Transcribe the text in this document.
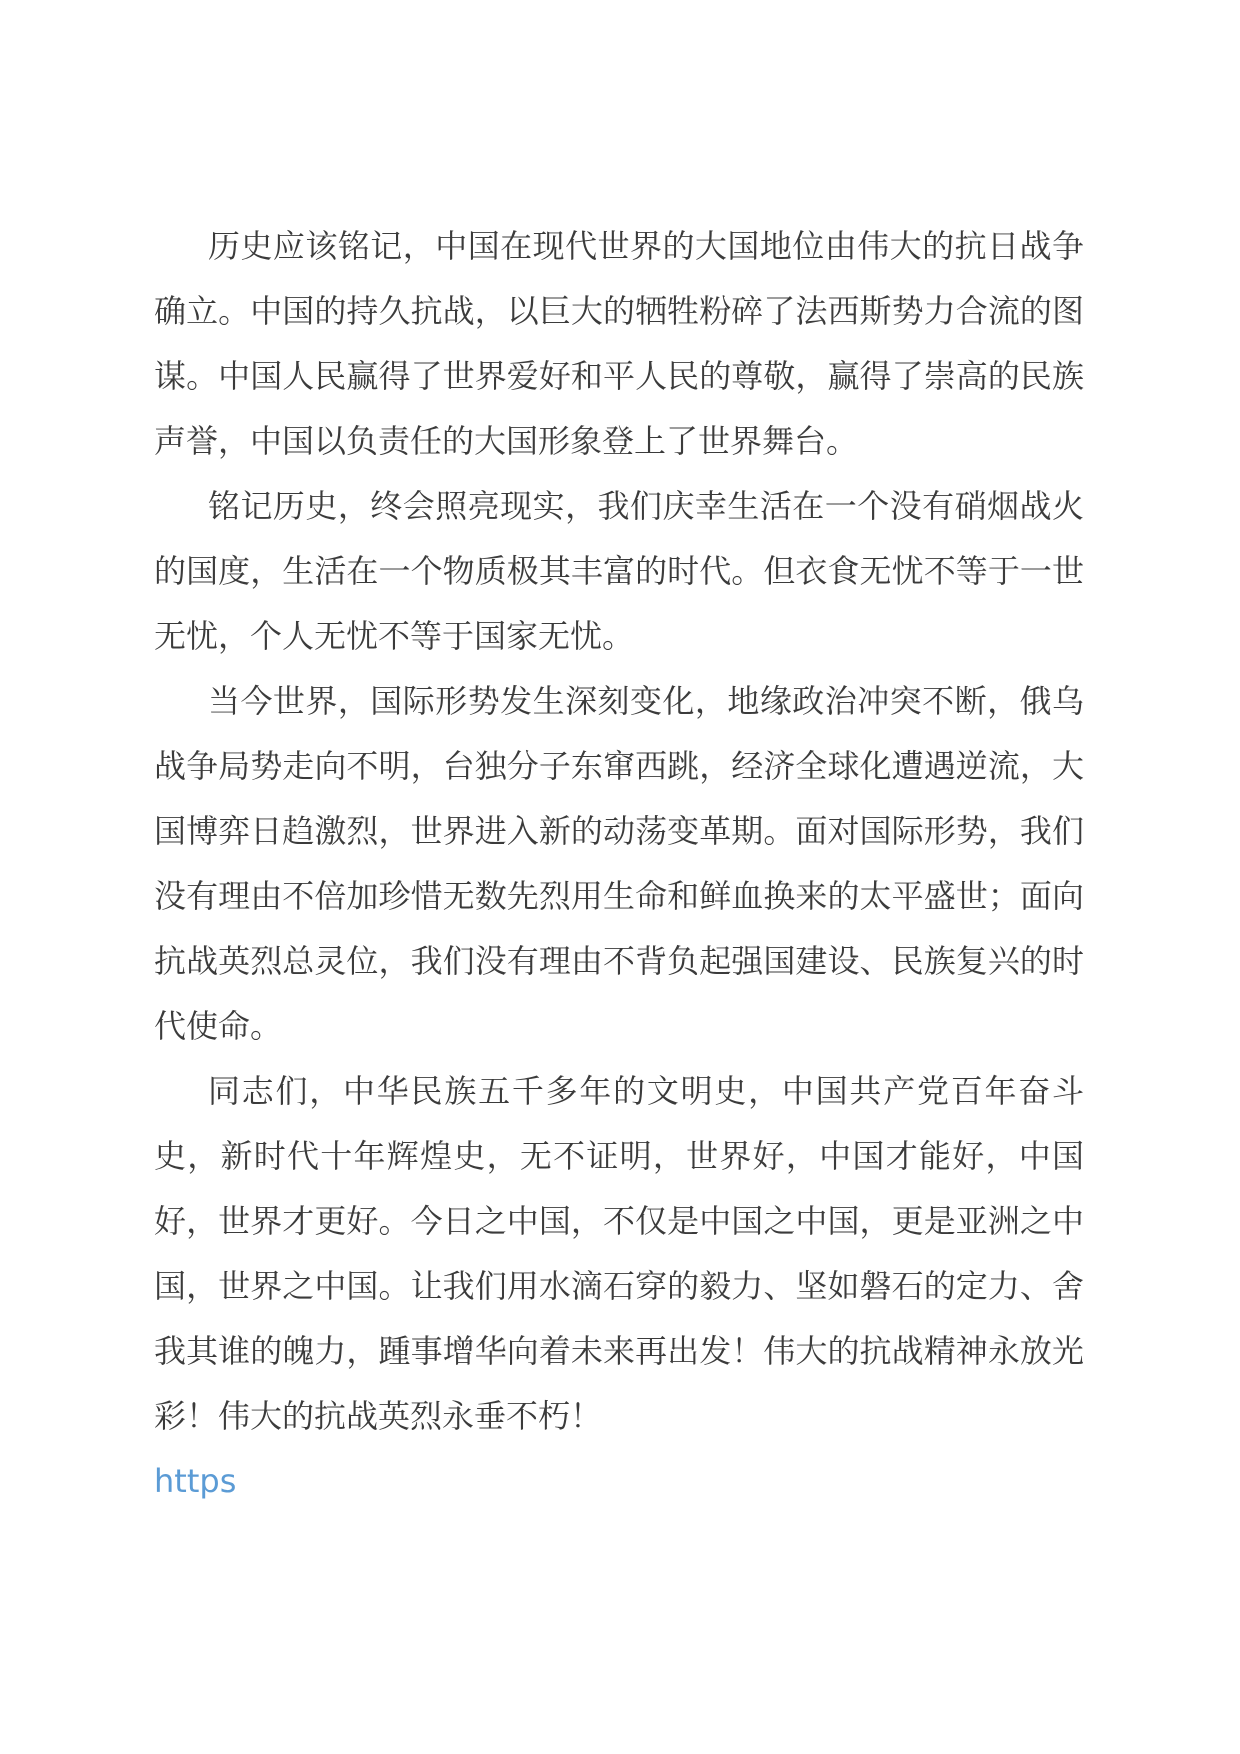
历史应该铭记，中国在现代世界的大国地位由伟大的抗日战争确立。中国的持久抗战，以巨大的牺牲粉碎了法西斯势力合流的图谋。中国人民赢得了世界爱好和平人民的尊敬，赢得了崇高的民族声誉，中国以负责任的大国形象登上了世界舞台。

铭记历史，终会照亮现实，我们庆幸生活在一个没有硝烟战火的国度，生活在一个物质极其丰富的时代。但衣食无忧不等于一世无忧，个人无忧不等于国家无忧。

当今世界，国际形势发生深刻变化，地缘政治冲突不断，俄乌战争局势走向不明，台独分子东窜西跳，经济全球化遭遇逆流，大国博弈日趋激烈，世界进入新的动荡变革期。面对国际形势，我们没有理由不倍加珍惜无数先烈用生命和鲜血换来的太平盛世；面向抗战英烈总灵位，我们没有理由不背负起强国建设、民族复兴的时代使命。

同志们，中华民族五千多年的文明史，中国共产党百年奋斗史，新时代十年辉煌史，无不证明，世界好，中国才能好，中国好，世界才更好。今日之中国，不仅是中国之中国，更是亚洲之中国，世界之中国。让我们用水滴石穿的毅力、坚如磐石的定力、舍我其谁的魄力，踵事增华向着未来再出发！伟大的抗战精神永放光彩！伟大的抗战英烈永垂不朽！

https
